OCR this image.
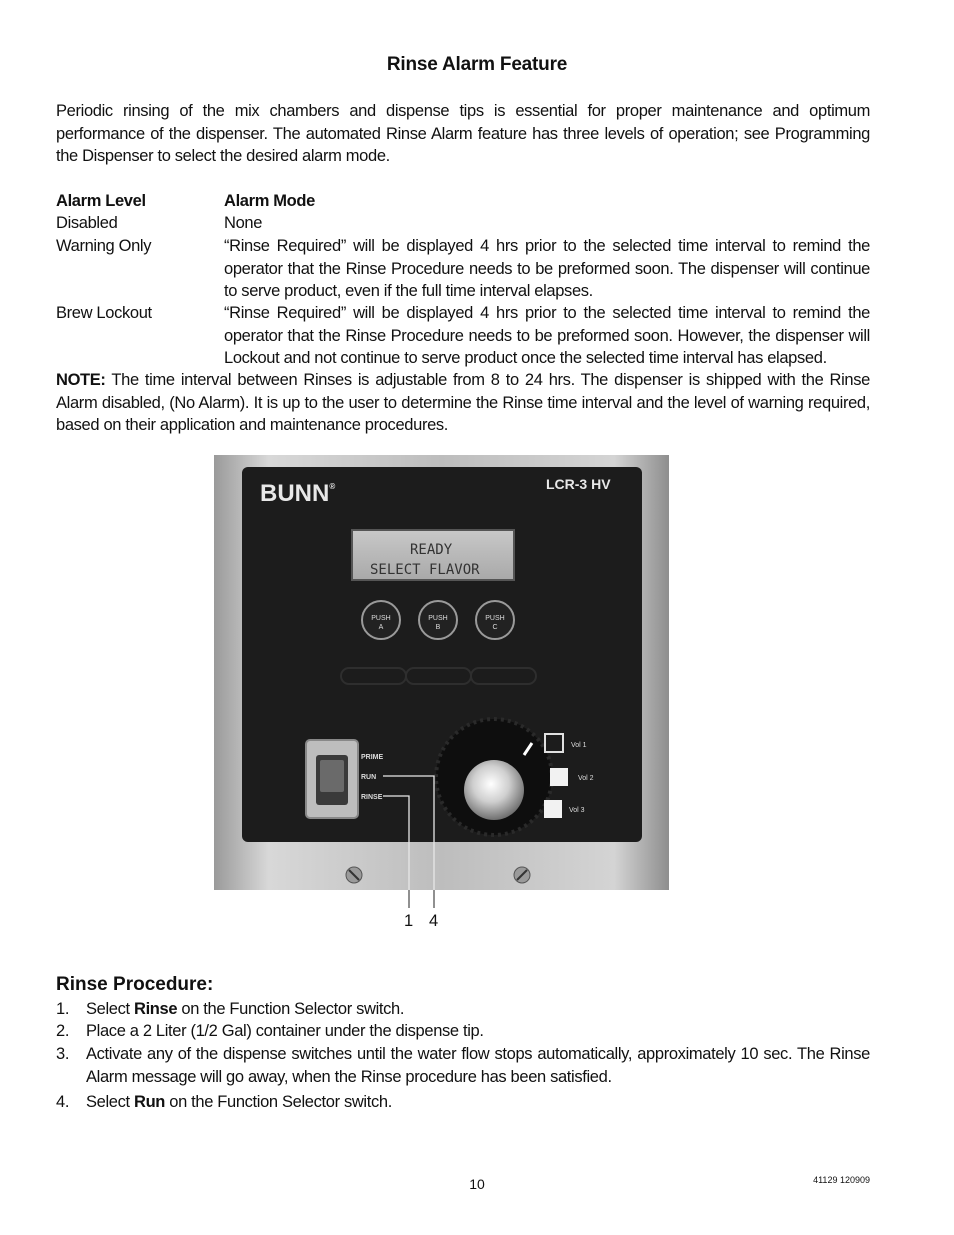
Rinse Alarm Feature
Periodic rinsing of the mix chambers and dispense tips is essential for proper maintenance and optimum performance of the dispenser. The automated Rinse Alarm feature has three levels of operation; see Programming the Dispenser to select the desired alarm mode.
Alarm Level	Alarm Mode
Disabled	None
Warning Only	“Rinse Required” will be displayed 4 hrs prior to the selected time interval to remind the operator that the Rinse Procedure needs to be preformed soon. The dispenser will continue to serve product, even if the full time interval elapses.
Brew Lockout	“Rinse Required” will be displayed 4 hrs prior to the selected time interval to remind the operator that the Rinse Procedure needs to be preformed soon. However, the dispenser will Lockout and not continue to serve product once the selected time interval has elapsed.
NOTE: The time interval between Rinses is adjustable from 8 to 24 hrs. The dispenser is shipped with the Rinse Alarm disabled, (No Alarm). It is up to the user to determine the Rinse time interval and the level of warning required, based on their application and maintenance procedures.
BUNN®	LCR-3 HV
READY
SELECT FLAVOR
PUSH
A
PUSH
B
PUSH
C
PRIME
RUN
RINSE
Vol 1
Vol 2
Vol 3
1 4
Rinse Procedure:
1. Select Rinse on the Function Selector switch.
2. Place a 2 Liter (1/2 Gal) container under the dispense tip.
3. Activate any of the dispense switches until the water flow stops automatically, approximately 10 sec. The Rinse Alarm message will go away, when the Rinse procedure has been satisfied.
4. Select Run on the Function Selector switch.
10	41129 120909
